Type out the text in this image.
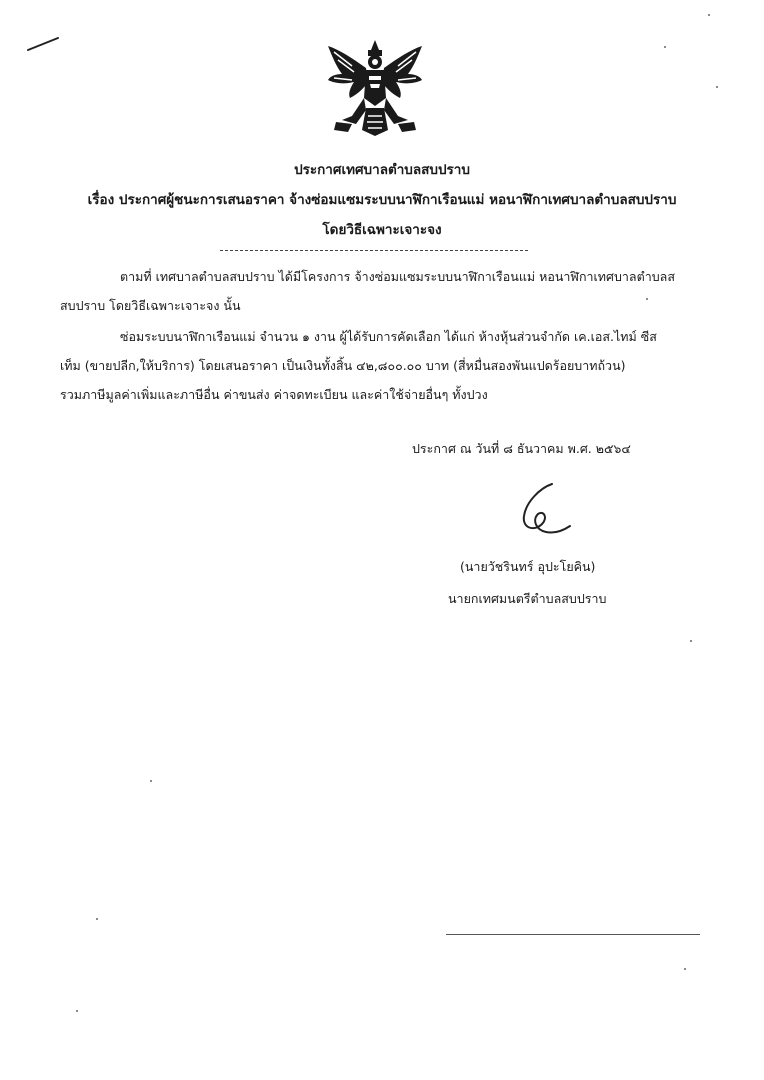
ประกาศเทศบาลตำบลสบปราบ
เรื่อง ประกาศผู้ชนะการเสนอราคา จ้างซ่อมแซมระบบนาฬิกาเรือนแม่ หอนาฬิกาเทศบาลตำบลสบปราบ
โดยวิธีเฉพาะเจาะจง
ตามที่ เทศบาลตำบลสบปราบ ได้มีโครงการ จ้างซ่อมแซมระบบนาฬิกาเรือนแม่ หอนาฬิกาเทศบาลตำบลส
สบปราบ โดยวิธีเฉพาะเจาะจง นั้น
ซ่อมระบบนาฬิกาเรือนแม่ จำนวน ๑ งาน ผู้ได้รับการคัดเลือก ได้แก่ ห้างหุ้นส่วนจำกัด เค.เอส.ไทม์ ซีส
เท็ม (ขายปลีก,ให้บริการ) โดยเสนอราคา เป็นเงินทั้งสิ้น ๔๒,๘๐๐.๐๐ บาท (สี่หมื่นสองพันแปดร้อยบาทถ้วน)
รวมภาษีมูลค่าเพิ่มและภาษีอื่น ค่าขนส่ง ค่าจดทะเบียน และค่าใช้จ่ายอื่นๆ ทั้งปวง
ประกาศ ณ วันที่ ๘ ธันวาคม พ.ศ. ๒๕๖๔
(นายวัชรินทร์ อุปะโยคิน)
นายกเทศมนตรีตำบลสบปราบ
